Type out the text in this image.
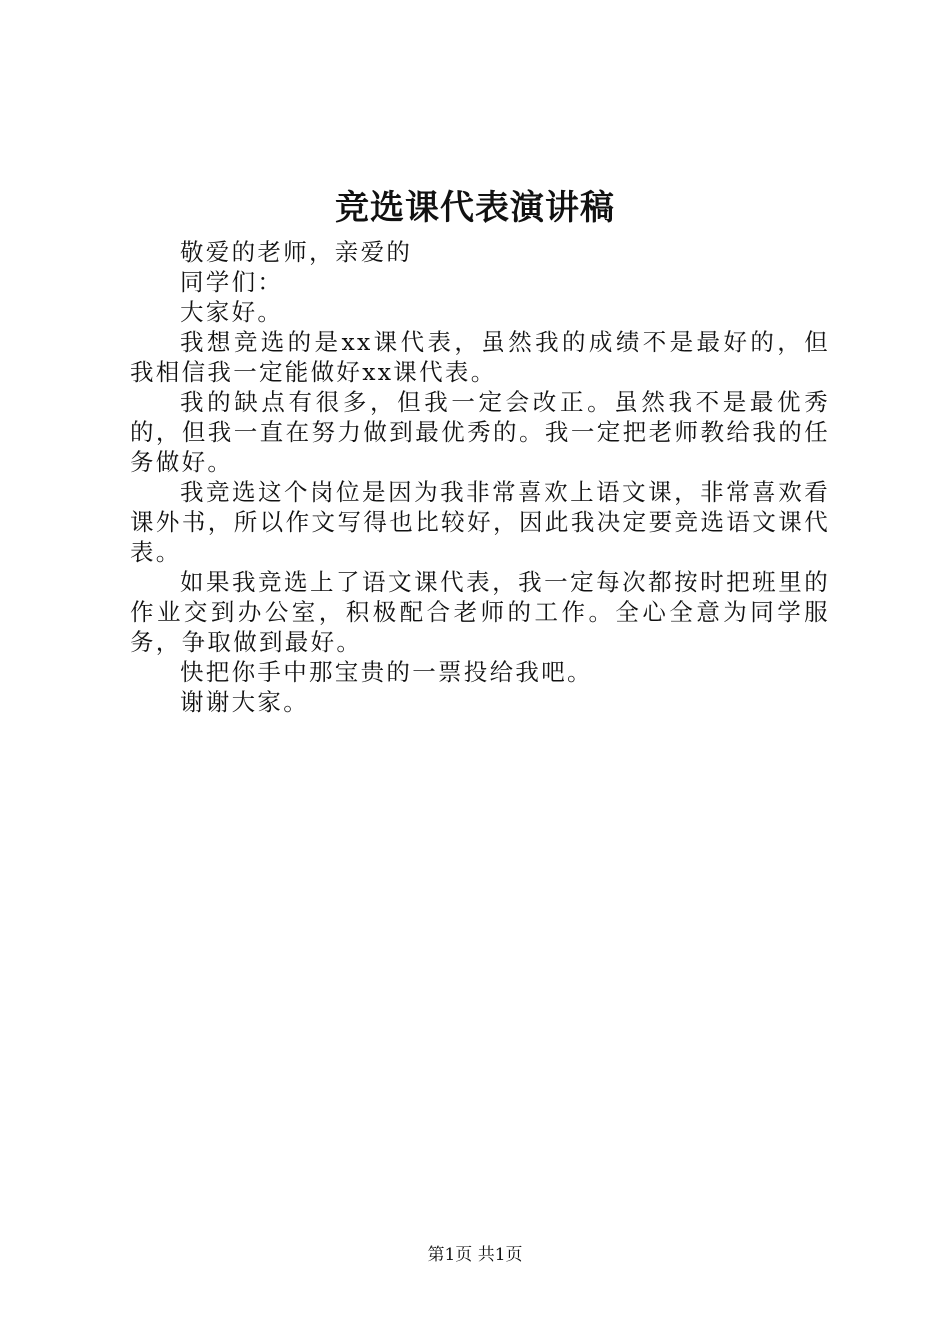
竞选课代表演讲稿

敬爱的老师，亲爱的

同学们：

大家好。

我想竞选的是xx课代表，虽然我的成绩不是最好的，但我相信我一定能做好xx课代表。

我的缺点有很多，但我一定会改正。虽然我不是最优秀的，但我一直在努力做到最优秀的。我一定把老师教给我的任务做好。

我竞选这个岗位是因为我非常喜欢上语文课，非常喜欢看课外书，所以作文写得也比较好，因此我决定要竞选语文课代表。

如果我竞选上了语文课代表，我一定每次都按时把班里的作业交到办公室，积极配合老师的工作。全心全意为同学服务，争取做到最好。

快把你手中那宝贵的一票投给我吧。

谢谢大家。

第1页 共1页
